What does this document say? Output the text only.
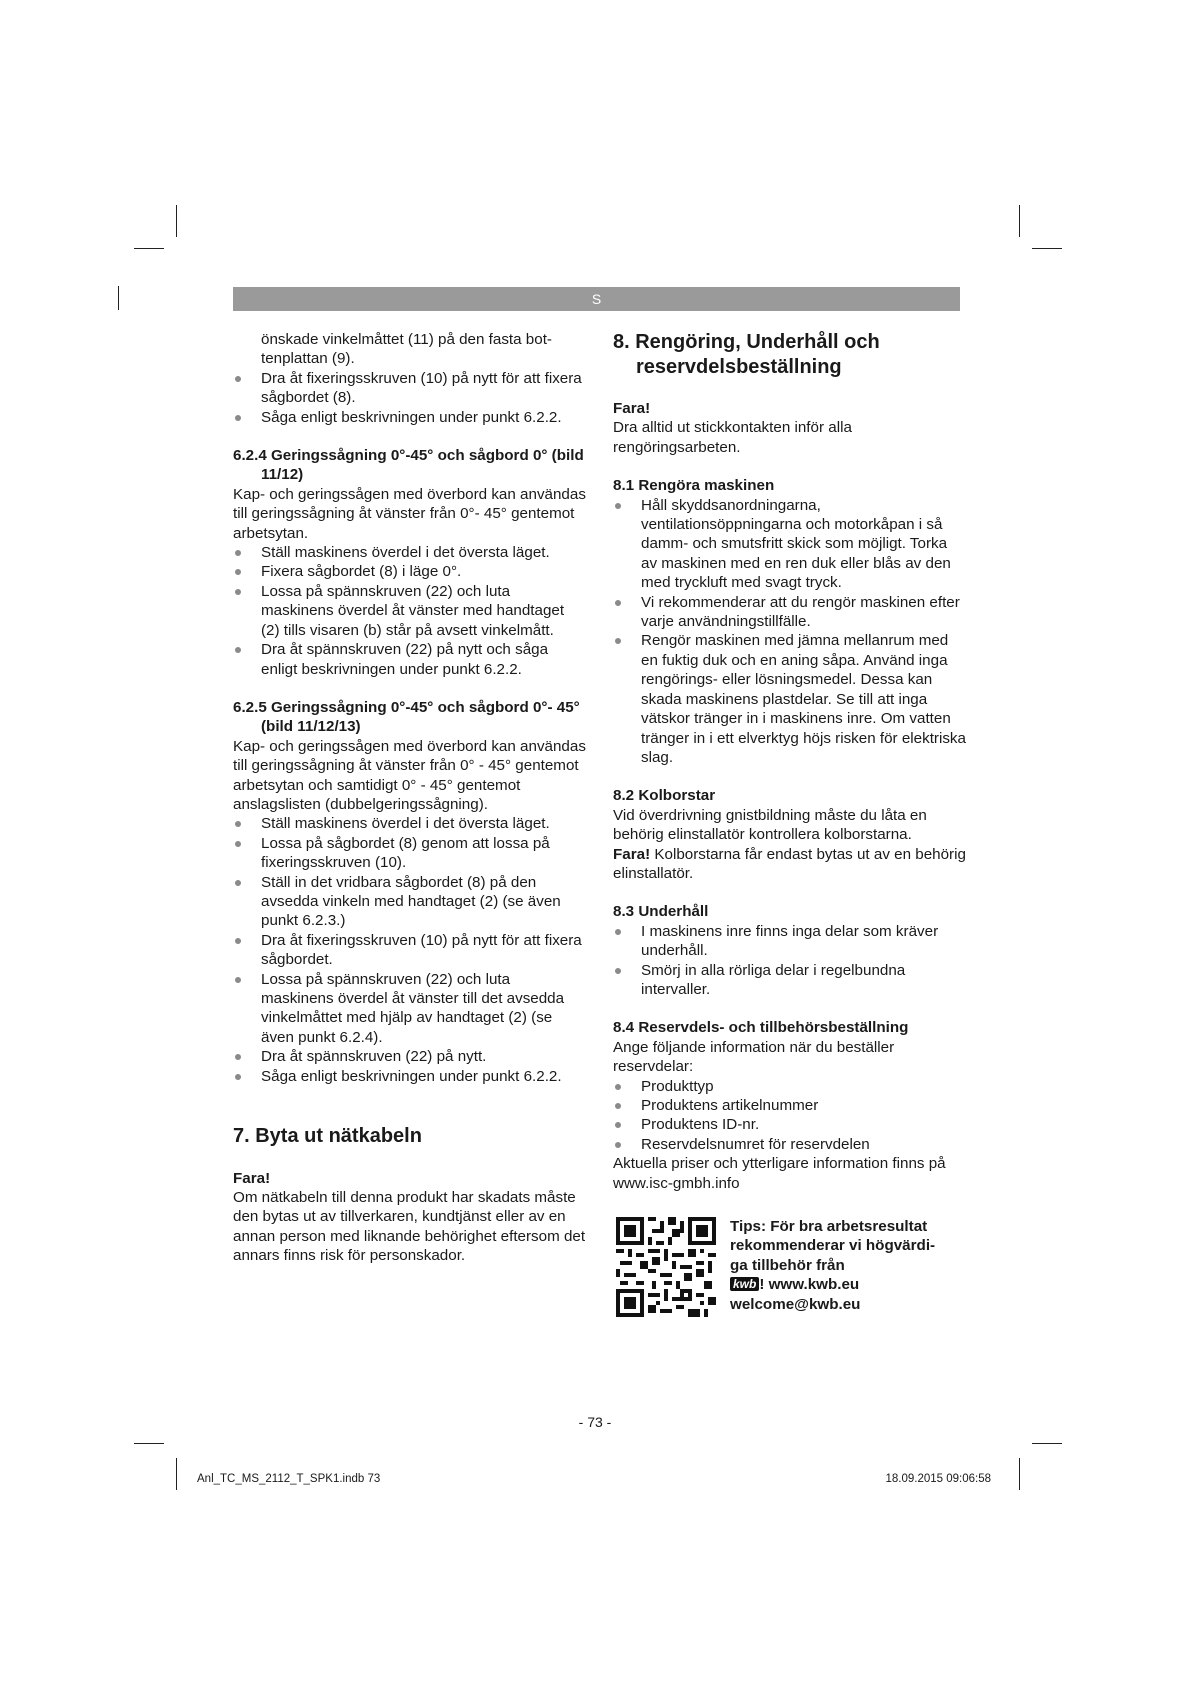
S

önskade vinkelmåttet (11) på den fasta bot-
tenplattan (9).

Dra åt fixeringsskruven (10) på nytt för att fixera sågbordet (8).
Såga enligt beskrivningen under punkt 6.2.2.

6.2.4 Geringssågning 0°-45° och sågbord 0° (bild 11/12)

Kap- och geringssågen med överbord kan användas till geringssågning åt vänster från 0°- 45° gentemot arbetsytan.

Ställ maskinens överdel i det översta läget.
Fixera sågbordet (8) i läge 0°.
Lossa på spännskruven (22) och luta maskinens överdel åt vänster med handtaget (2) tills visaren (b) står på avsett vinkelmått.
Dra åt spännskruven (22) på nytt och såga enligt beskrivningen under punkt 6.2.2.

6.2.5 Geringssågning 0°-45° och sågbord 0°- 45° (bild 11/12/13)

Kap- och geringssågen med överbord kan användas till geringssågning åt vänster från 0° - 45° gentemot arbetsytan och samtidigt 0° - 45° gentemot anslagslisten (dubbelgeringssågning).

Ställ maskinens överdel i det översta läget.
Lossa på sågbordet (8) genom att lossa på fixeringsskruven (10).
Ställ in det vridbara sågbordet (8) på den avsedda vinkeln med handtaget (2) (se även punkt 6.2.3.)
Dra åt fixeringsskruven (10) på nytt för att fixera sågbordet.
Lossa på spännskruven (22) och luta maskinens överdel åt vänster till det avsedda vinkelmåttet med hjälp av handtaget (2) (se även punkt 6.2.4).
Dra åt spännskruven (22) på nytt.
Såga enligt beskrivningen under punkt 6.2.2.

7. Byta ut nätkabeln

Fara!

Om nätkabeln till denna produkt har skadats måste den bytas ut av tillverkaren, kundtjänst eller av en annan person med liknande behörighet eftersom det annars finns risk för personskador.

8. Rengöring, Underhåll och
reservdelsbeställning

Fara!

Dra alltid ut stickkontakten inför alla rengöringsarbeten.

8.1 Rengöra maskinen

Håll skyddsanordningarna, ventilationsöppningarna och motorkåpan i så damm- och smutsfritt skick som möjligt. Torka av maskinen med en ren duk eller blås av den med tryckluft med svagt tryck.
Vi rekommenderar att du rengör maskinen efter varje användningstillfälle.
Rengör maskinen med jämna mellanrum med en fuktig duk och en aning såpa. Använd inga rengörings- eller lösningsmedel. Dessa kan skada maskinens plastdelar. Se till att inga vätskor tränger in i maskinens inre. Om vatten tränger in i ett elverktyg höjs risken för elektriska slag.

8.2 Kolborstar

Vid överdrivning gnistbildning måste du låta en behörig elinstallatör kontrollera kolborstarna.

Fara! Kolborstarna får endast bytas ut av en behörig elinstallatör.

8.3 Underhåll

I maskinens inre finns inga delar som kräver underhåll.
Smörj in alla rörliga delar i regelbundna intervaller.

8.4 Reservdels- och tillbehörsbeställning

Ange följande information när du beställer reservdelar:

Produkttyp
Produktens artikelnummer
Produktens ID-nr.
Reservdelsnumret för reservdelen

Aktuella priser och ytterligare information finns på www.isc-gmbh.info

Tips: För bra arbetsresultat
rekommenderar vi högvärdi-
ga tillbehör från
kwb ! www.kwb.eu
welcome@kwb.eu
- 73 -
Anl_TC_MS_2112_T_SPK1.indb 73	18.09.2015 09:06:58
